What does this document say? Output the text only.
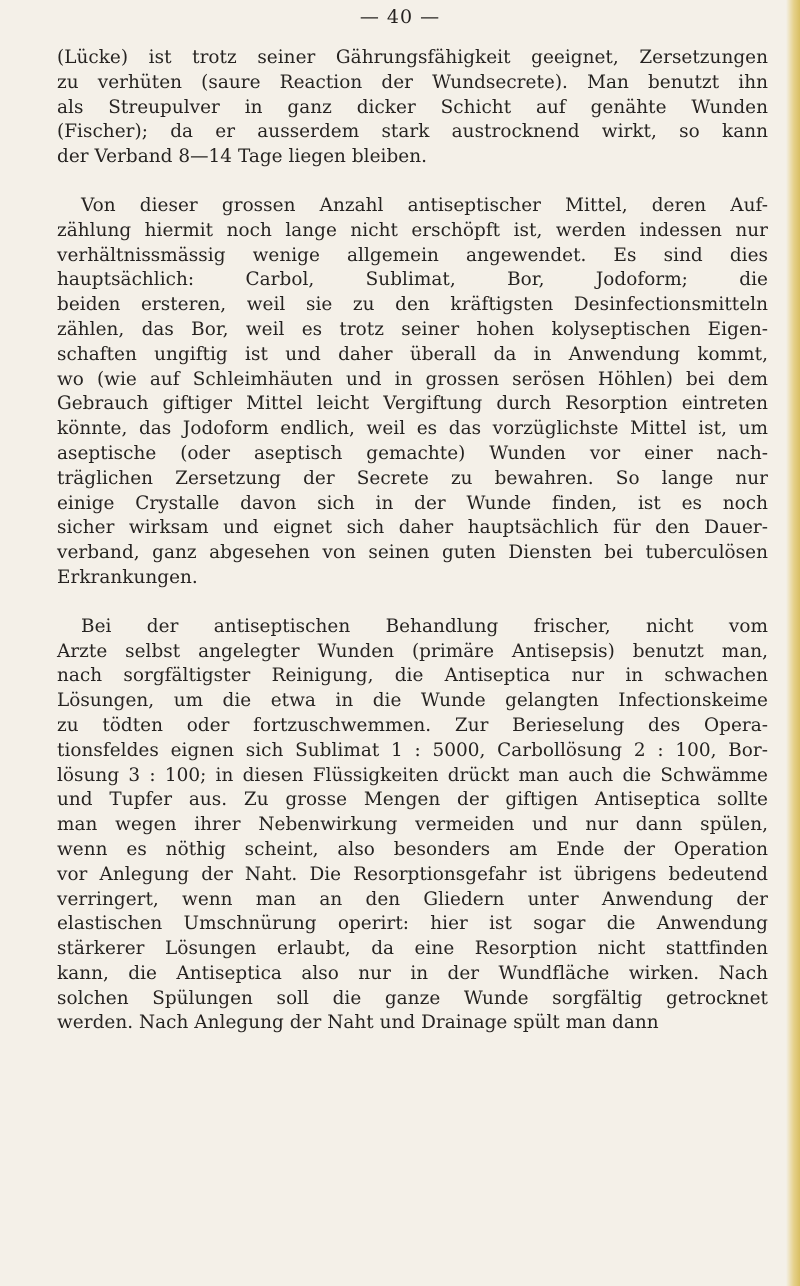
— 40 —

(Lücke) ist trotz seiner Gährungsfähigkeit geeignet, Zersetzungen
zu verhüten (saure Reaction der Wundsecrete). Man benutzt ihn
als Streupulver in ganz dicker Schicht auf genähte Wunden
(Fischer); da er ausserdem stark austrocknend wirkt, so kann
der Verband 8—14 Tage liegen bleiben.

Von dieser grossen Anzahl antiseptischer Mittel, deren Auf-
zählung hiermit noch lange nicht erschöpft ist, werden indessen nur
verhältnissmässig wenige allgemein angewendet. Es sind dies
hauptsächlich: Carbol, Sublimat, Bor, Jodoform; die
beiden ersteren, weil sie zu den kräftigsten Desinfectionsmitteln
zählen, das Bor, weil es trotz seiner hohen kolyseptischen Eigen-
schaften ungiftig ist und daher überall da in Anwendung kommt,
wo (wie auf Schleimhäuten und in grossen serösen Höhlen) bei dem
Gebrauch giftiger Mittel leicht Vergiftung durch Resorption eintreten
könnte, das Jodoform endlich, weil es das vorzüglichste Mittel ist, um
aseptische (oder aseptisch gemachte) Wunden vor einer nach-
träglichen Zersetzung der Secrete zu bewahren. So lange nur
einige Crystalle davon sich in der Wunde finden, ist es noch
sicher wirksam und eignet sich daher hauptsächlich für den Dauer-
verband, ganz abgesehen von seinen guten Diensten bei tuberculösen
Erkrankungen.

Bei der antiseptischen Behandlung frischer, nicht vom
Arzte selbst angelegter Wunden (primäre Antisepsis) benutzt man,
nach sorgfältigster Reinigung, die Antiseptica nur in schwachen
Lösungen, um die etwa in die Wunde gelangten Infectionskeime
zu tödten oder fortzuschwemmen. Zur Berieselung des Opera-
tionsfeldes eignen sich Sublimat 1 : 5000, Carbollösung 2 : 100, Bor-
lösung 3 : 100; in diesen Flüssigkeiten drückt man auch die Schwämme
und Tupfer aus. Zu grosse Mengen der giftigen Antiseptica sollte
man wegen ihrer Nebenwirkung vermeiden und nur dann spülen,
wenn es nöthig scheint, also besonders am Ende der Operation
vor Anlegung der Naht. Die Resorptionsgefahr ist übrigens bedeutend
verringert, wenn man an den Gliedern unter Anwendung der
elastischen Umschnürung operirt: hier ist sogar die Anwendung
stärkerer Lösungen erlaubt, da eine Resorption nicht stattfinden
kann, die Antiseptica also nur in der Wundfläche wirken. Nach
solchen Spülungen soll die ganze Wunde sorgfältig getrocknet
werden. Nach Anlegung der Naht und Drainage spült man dann
